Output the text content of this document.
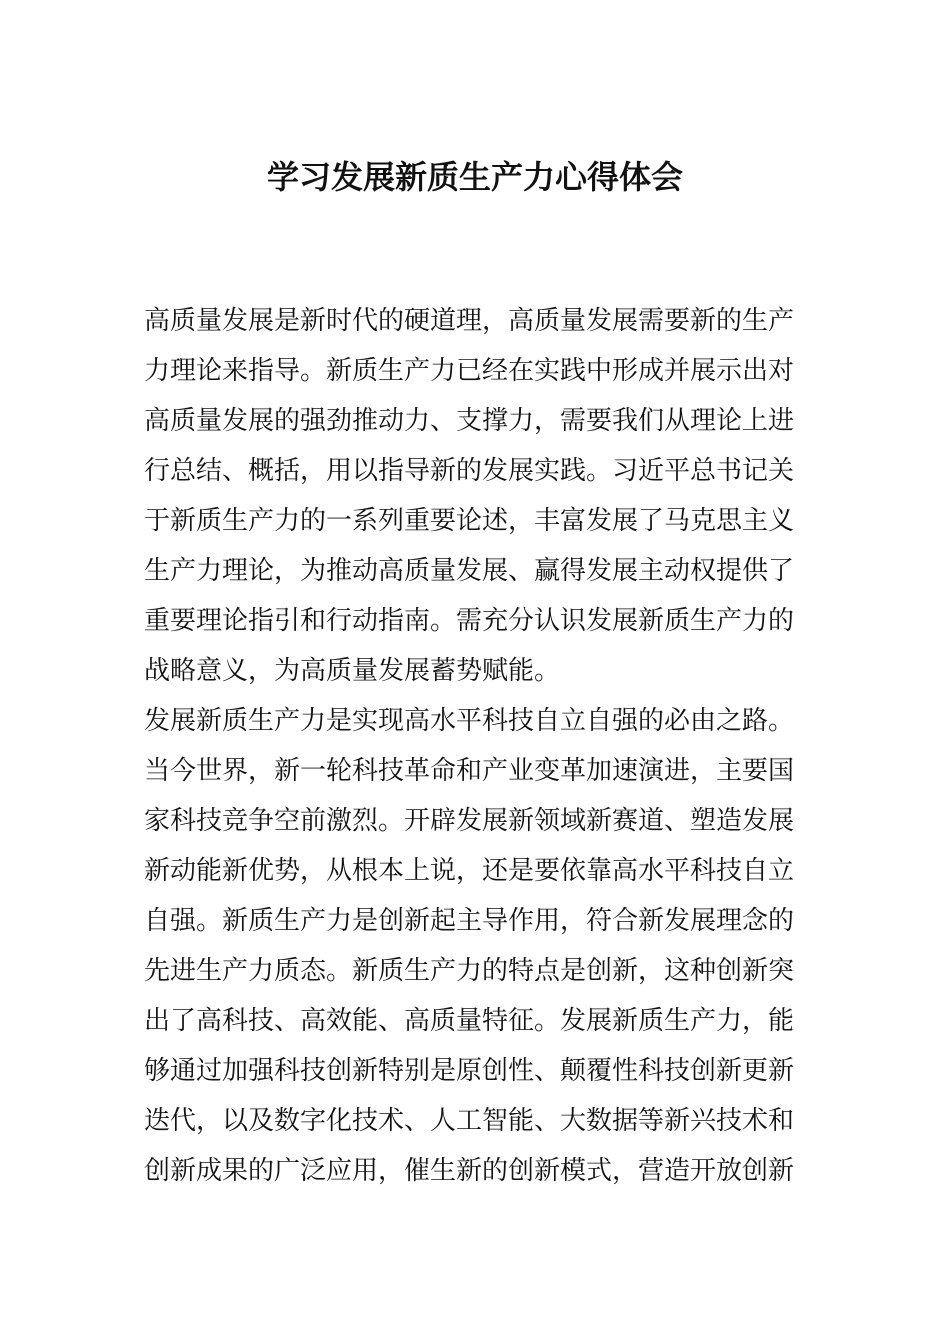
学习发展新质生产力心得体会
高质量发展是新时代的硬道理，高质量发展需要新的生产
力理论来指导。新质生产力已经在实践中形成并展示出对
高质量发展的强劲推动力、支撑力，需要我们从理论上进
行总结、概括，用以指导新的发展实践。习近平总书记关
于新质生产力的一系列重要论述，丰富发展了马克思主义
生产力理论，为推动高质量发展、赢得发展主动权提供了
重要理论指引和行动指南。需充分认识发展新质生产力的
战略意义，为高质量发展蓄势赋能。
发展新质生产力是实现高水平科技自立自强的必由之路。
当今世界，新一轮科技革命和产业变革加速演进，主要国
家科技竞争空前激烈。开辟发展新领域新赛道、塑造发展
新动能新优势，从根本上说，还是要依靠高水平科技自立
自强。新质生产力是创新起主导作用，符合新发展理念的
先进生产力质态。新质生产力的特点是创新，这种创新突
出了高科技、高效能、高质量特征。发展新质生产力，能
够通过加强科技创新特别是原创性、颠覆性科技创新更新
迭代，以及数字化技术、人工智能、大数据等新兴技术和
创新成果的广泛应用，催生新的创新模式，营造开放创新
